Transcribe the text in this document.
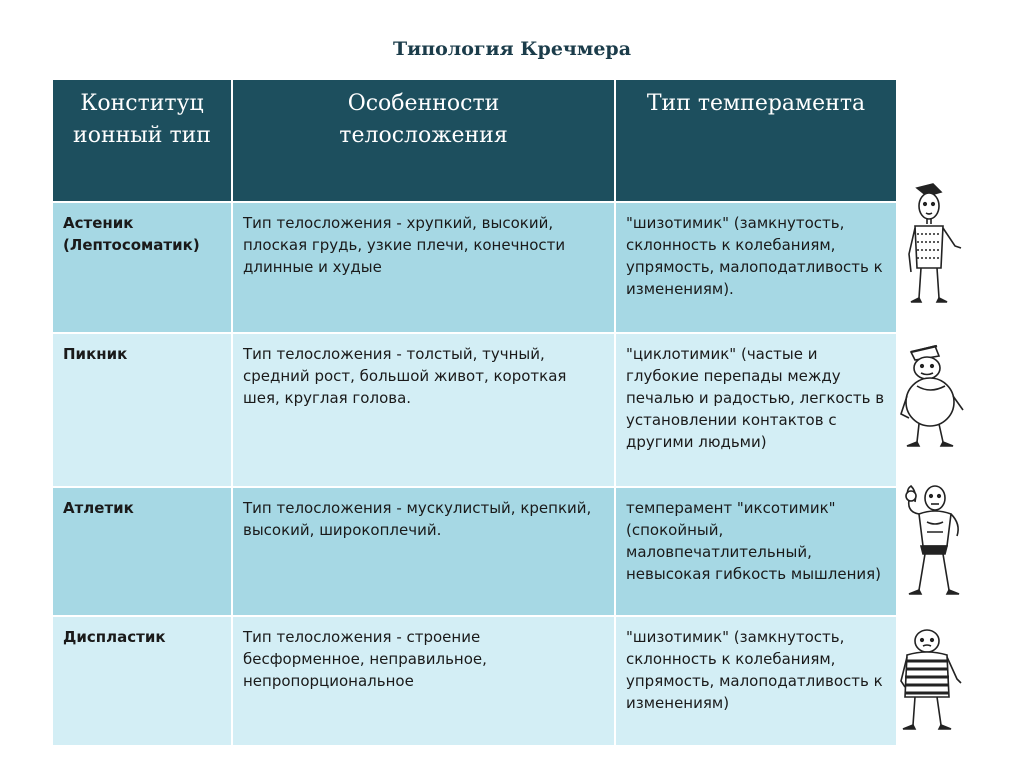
Типология Кречмера
Конституц ионный тип	Особенности телосложения	Тип темперамента
Астеник (Лептосоматик)	Тип телосложения - хрупкий, высокий, плоская грудь, узкие плечи, конечности длинные и худые	"шизотимик" (замкнутость, склонность к колебаниям, упрямость, малоподатливость к изменениям).
Пикник	Тип телосложения - толстый, тучный, средний рост, большой живот, короткая шея, круглая голова.	"циклотимик" (частые и глубокие перепады между печалью и радостью, легкость в установлении контактов с другими людьми)
Атлетик	Тип телосложения - мускулистый, крепкий, высокий, широкоплечий.	темперамент "иксотимик" (спокойный, маловпечатлительный, невысокая гибкость мышления)
Диспластик	Тип телосложения - строение бесформенное, неправильное, непропорциональное	"шизотимик" (замкнутость, склонность к колебаниям, упрямость, малоподатливость к изменениям)
